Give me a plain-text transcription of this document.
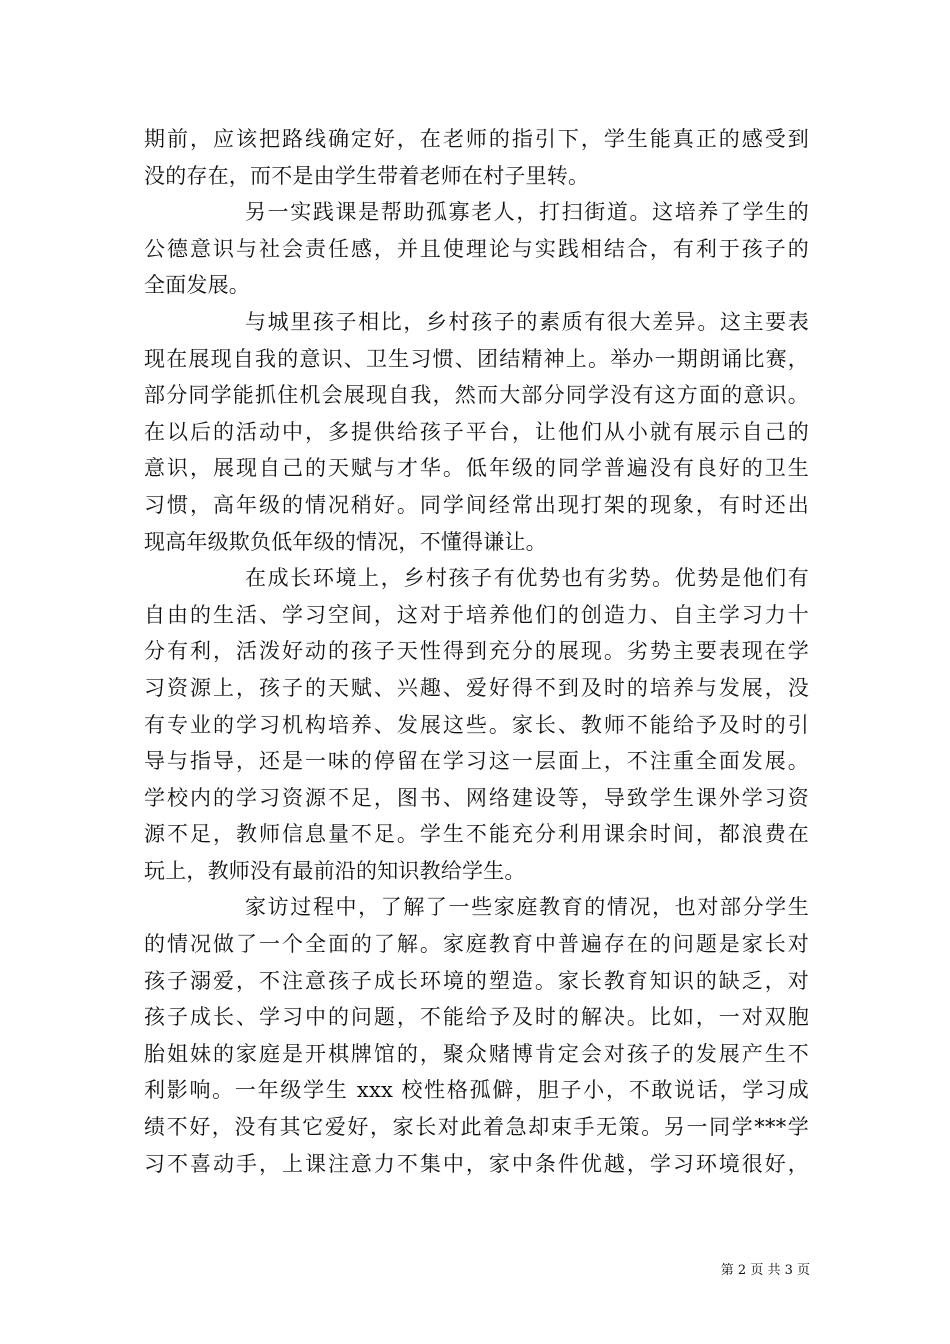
期前，应该把路线确定好，在老师的指引下，学生能真正的感受到
没的存在，而不是由学生带着老师在村子里转。
另一实践课是帮助孤寡老人，打扫街道。这培养了学生的
公德意识与社会责任感，并且使理论与实践相结合，有利于孩子的
全面发展。
与城里孩子相比，乡村孩子的素质有很大差异。这主要表
现在展现自我的意识、卫生习惯、团结精神上。举办一期朗诵比赛，
部分同学能抓住机会展现自我，然而大部分同学没有这方面的意识。
在以后的活动中，多提供给孩子平台，让他们从小就有展示自己的
意识，展现自己的天赋与才华。低年级的同学普遍没有良好的卫生
习惯，高年级的情况稍好。同学间经常出现打架的现象，有时还出
现高年级欺负低年级的情况，不懂得谦让。
在成长环境上，乡村孩子有优势也有劣势。优势是他们有
自由的生活、学习空间，这对于培养他们的创造力、自主学习力十
分有利，活泼好动的孩子天性得到充分的展现。劣势主要表现在学
习资源上，孩子的天赋、兴趣、爱好得不到及时的培养与发展，没
有专业的学习机构培养、发展这些。家长、教师不能给予及时的引
导与指导，还是一味的停留在学习这一层面上，不注重全面发展。
学校内的学习资源不足，图书、网络建设等，导致学生课外学习资
源不足，教师信息量不足。学生不能充分利用课余时间，都浪费在
玩上，教师没有最前沿的知识教给学生。
家访过程中，了解了一些家庭教育的情况，也对部分学生
的情况做了一个全面的了解。家庭教育中普遍存在的问题是家长对
孩子溺爱，不注意孩子成长环境的塑造。家长教育知识的缺乏，对
孩子成长、学习中的问题，不能给予及时的解决。比如，一对双胞
胎姐妹的家庭是开棋牌馆的，聚众赌博肯定会对孩子的发展产生不
利影响。一年级学生 xxx 校性格孤僻，胆子小，不敢说话，学习成
绩不好，没有其它爱好，家长对此着急却束手无策。另一同学***学
习不喜动手，上课注意力不集中，家中条件优越，学习环境很好，
第 2 页 共 3 页
